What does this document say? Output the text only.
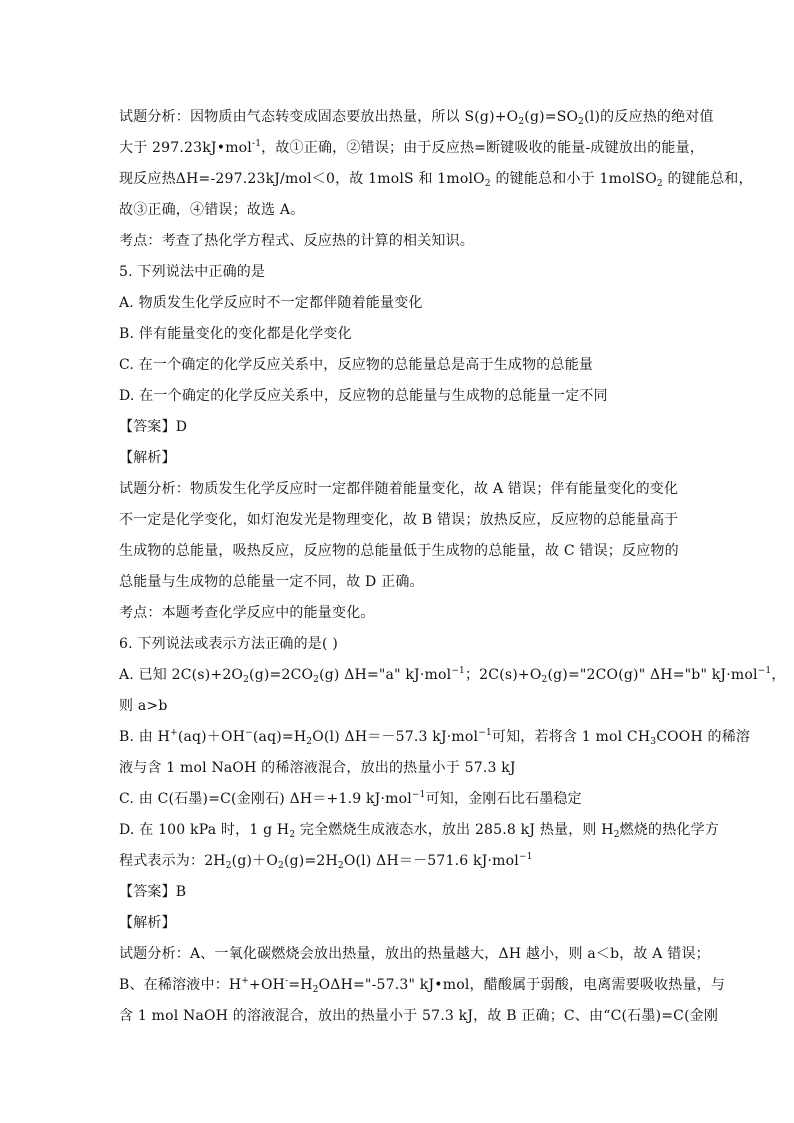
试题分析：因物质由气态转变成固态要放出热量，所以 $S(g)+O_2(g)=SO_2(l)$的反应热的绝对值
大于 297.23kJ•mol$^{-1}$，故①正确，②错误；由于反应热=断键吸收的能量-成键放出的能量，
现反应热ΔH=-297.23kJ/mol＜0，故 1molS 和 1molO$_2$ 的键能总和小于 1molSO$_2$ 的键能总和，
故③正确，④错误；故选 A。
考点：考查了热化学方程式、反应热的计算的相关知识。
5. 下列说法中正确的是
A. 物质发生化学反应时不一定都伴随着能量变化
B. 伴有能量变化的变化都是化学变化
C. 在一个确定的化学反应关系中，反应物的总能量总是高于生成物的总能量
D. 在一个确定的化学反应关系中，反应物的总能量与生成物的总能量一定不同
【答案】D
【解析】
试题分析：物质发生化学反应时一定都伴随着能量变化，故 A 错误；伴有能量变化的变化
不一定是化学变化，如灯泡发光是物理变化，故 B 错误；放热反应，反应物的总能量高于
生成物的总能量，吸热反应，反应物的总能量低于生成物的总能量，故 C 错误；反应物的
总能量与生成物的总能量一定不同，故 D 正确。
考点：本题考查化学反应中的能量变化。
6. 下列说法或表示方法正确的是( )
A. 已知 $2C(s)+2O_2(g)=2CO_2(g)$ ΔH="a" kJ·mol$^{-1}$；$2C(s)+O_2(g)="2CO(g)$" ΔH="b" kJ·mol$^{-1}$，
则 a>b
B. 由 $H^+(aq)+OH^-(aq)=H_2O(l)$ ΔH＝－57.3 kJ·mol$^{-1}$可知，若将含 1 mol $CH_3COOH$ 的稀溶
液与含 1 mol NaOH 的稀溶液混合，放出的热量小于 57.3 kJ
C. 由 C(石墨)=C(金刚石) ΔH＝+1.9 kJ·mol$^{-1}$可知，金刚石比石墨稳定
D. 在 100 kPa 时，1 g $H_2$ 完全燃烧生成液态水，放出 285.8 kJ 热量，则 $H_2$燃烧的热化学方
程式表示为：$2H_2(g)+O_2(g)=2H_2O(l)$ ΔH＝－571.6 kJ·mol$^{-1}$
【答案】B
【解析】
试题分析：A、一氧化碳燃烧会放出热量，放出的热量越大，ΔH 越小，则 a＜b，故 A 错误；
B、在稀溶液中：$H^++OH^-=H_2O\Delta H="-57.3$" kJ•mol，醋酸属于弱酸，电离需要吸收热量，与
含 1 mol NaOH 的溶液混合，放出的热量小于 57.3 kJ，故 B 正确；C、由“C(石墨)=C(金刚
